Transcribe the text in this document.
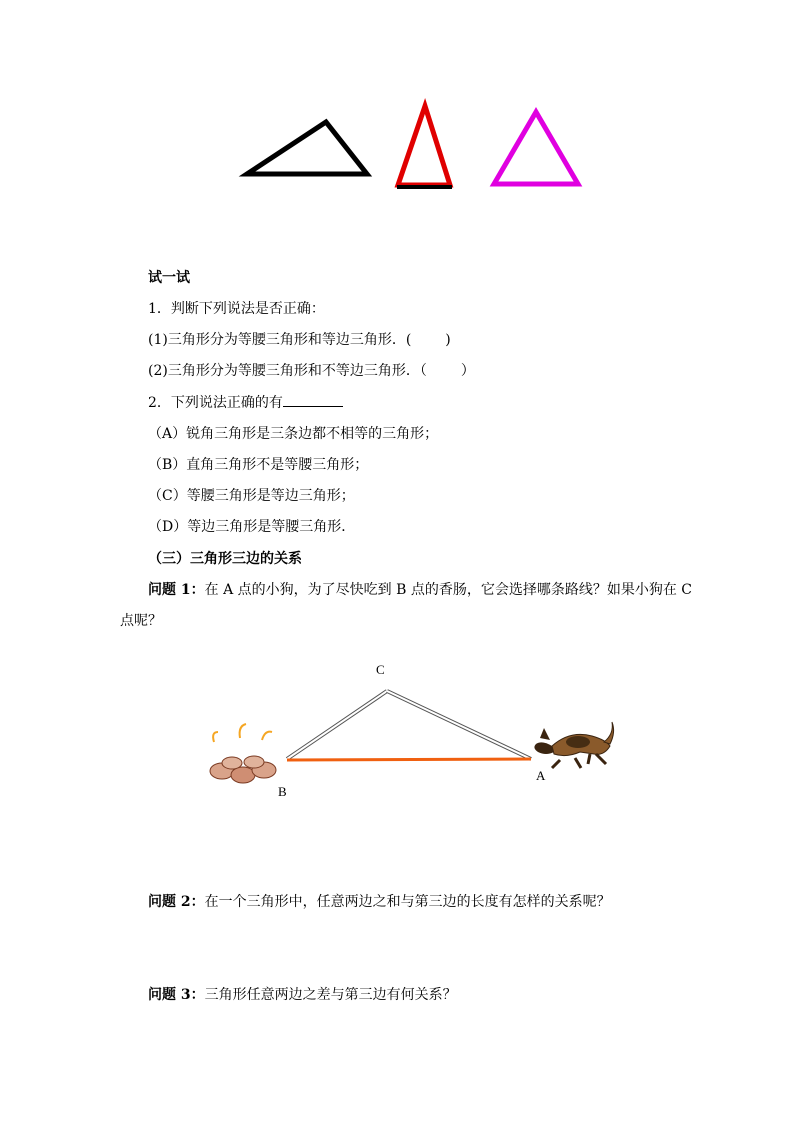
试一试
1．判断下列说法是否正确：
(1)三角形分为等腰三角形和等边三角形．( )
(2)三角形分为等腰三角形和不等边三角形．（ ）
2．下列说法正确的有
（A）锐角三角形是三条边都不相等的三角形；
（B）直角三角形不是等腰三角形；
（C）等腰三角形是等边三角形；
（D）等边三角形是等腰三角形．
（三）三角形三边的关系
问题 1：在 A 点的小狗，为了尽快吃到 B 点的香肠，它会选择哪条路线？如果小狗在 C
点呢？
C
B
A
问题 2：在一个三角形中，任意两边之和与第三边的长度有怎样的关系呢？
问题 3：三角形任意两边之差与第三边有何关系？
